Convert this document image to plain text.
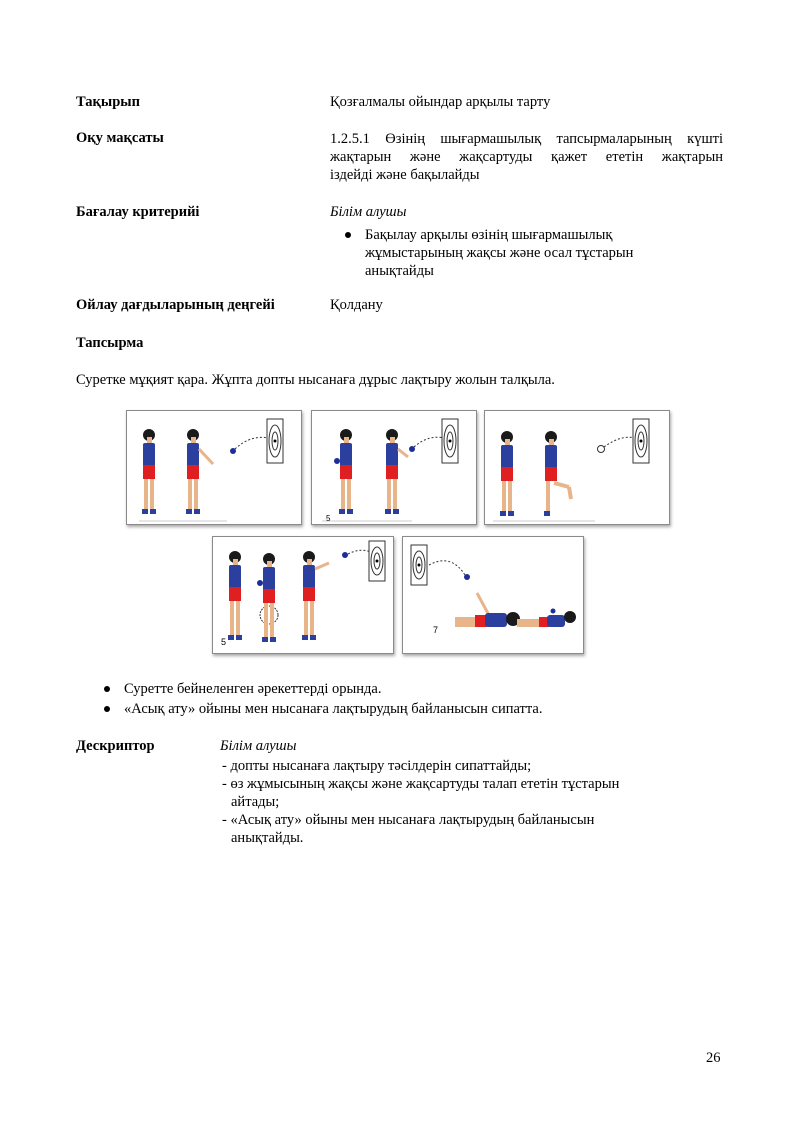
Тақырып	Қозғалмалы ойындар арқылы тарту
Оқу мақсаты	1.2.5.1 Өзінің шығармашылық тапсырмаларының күшті
жақтарын және жақсартуды қажет ететін жақтарын
іздейді және бақылайды
Бағалау критерийі	Білім алушы
Бақылау арқылы өзінің шығармашылық
жұмыстарының жақсы және осал тұстарын
анықтайды
Ойлау дағдыларының деңгейі	Қолдану
Тапсырма
Суретке мұқият қара. Жұпта допты нысанаға дұрыс лақтыру жолын талқыла.
5
5
7
Суретте бейнеленген әрекеттерді орында.
«Асық ату» ойыны мен нысанаға лақтырудың байланысын сипатта.
Дескриптор	Білім алушы
- допты нысанаға лақтыру тәсілдерін сипаттайды;
- өз жұмысының жақсы және жақсартуды талап ететін тұстарын
айтады;
- «Асық ату» ойыны мен нысанаға лақтырудың байланысын
анықтайды.
26
